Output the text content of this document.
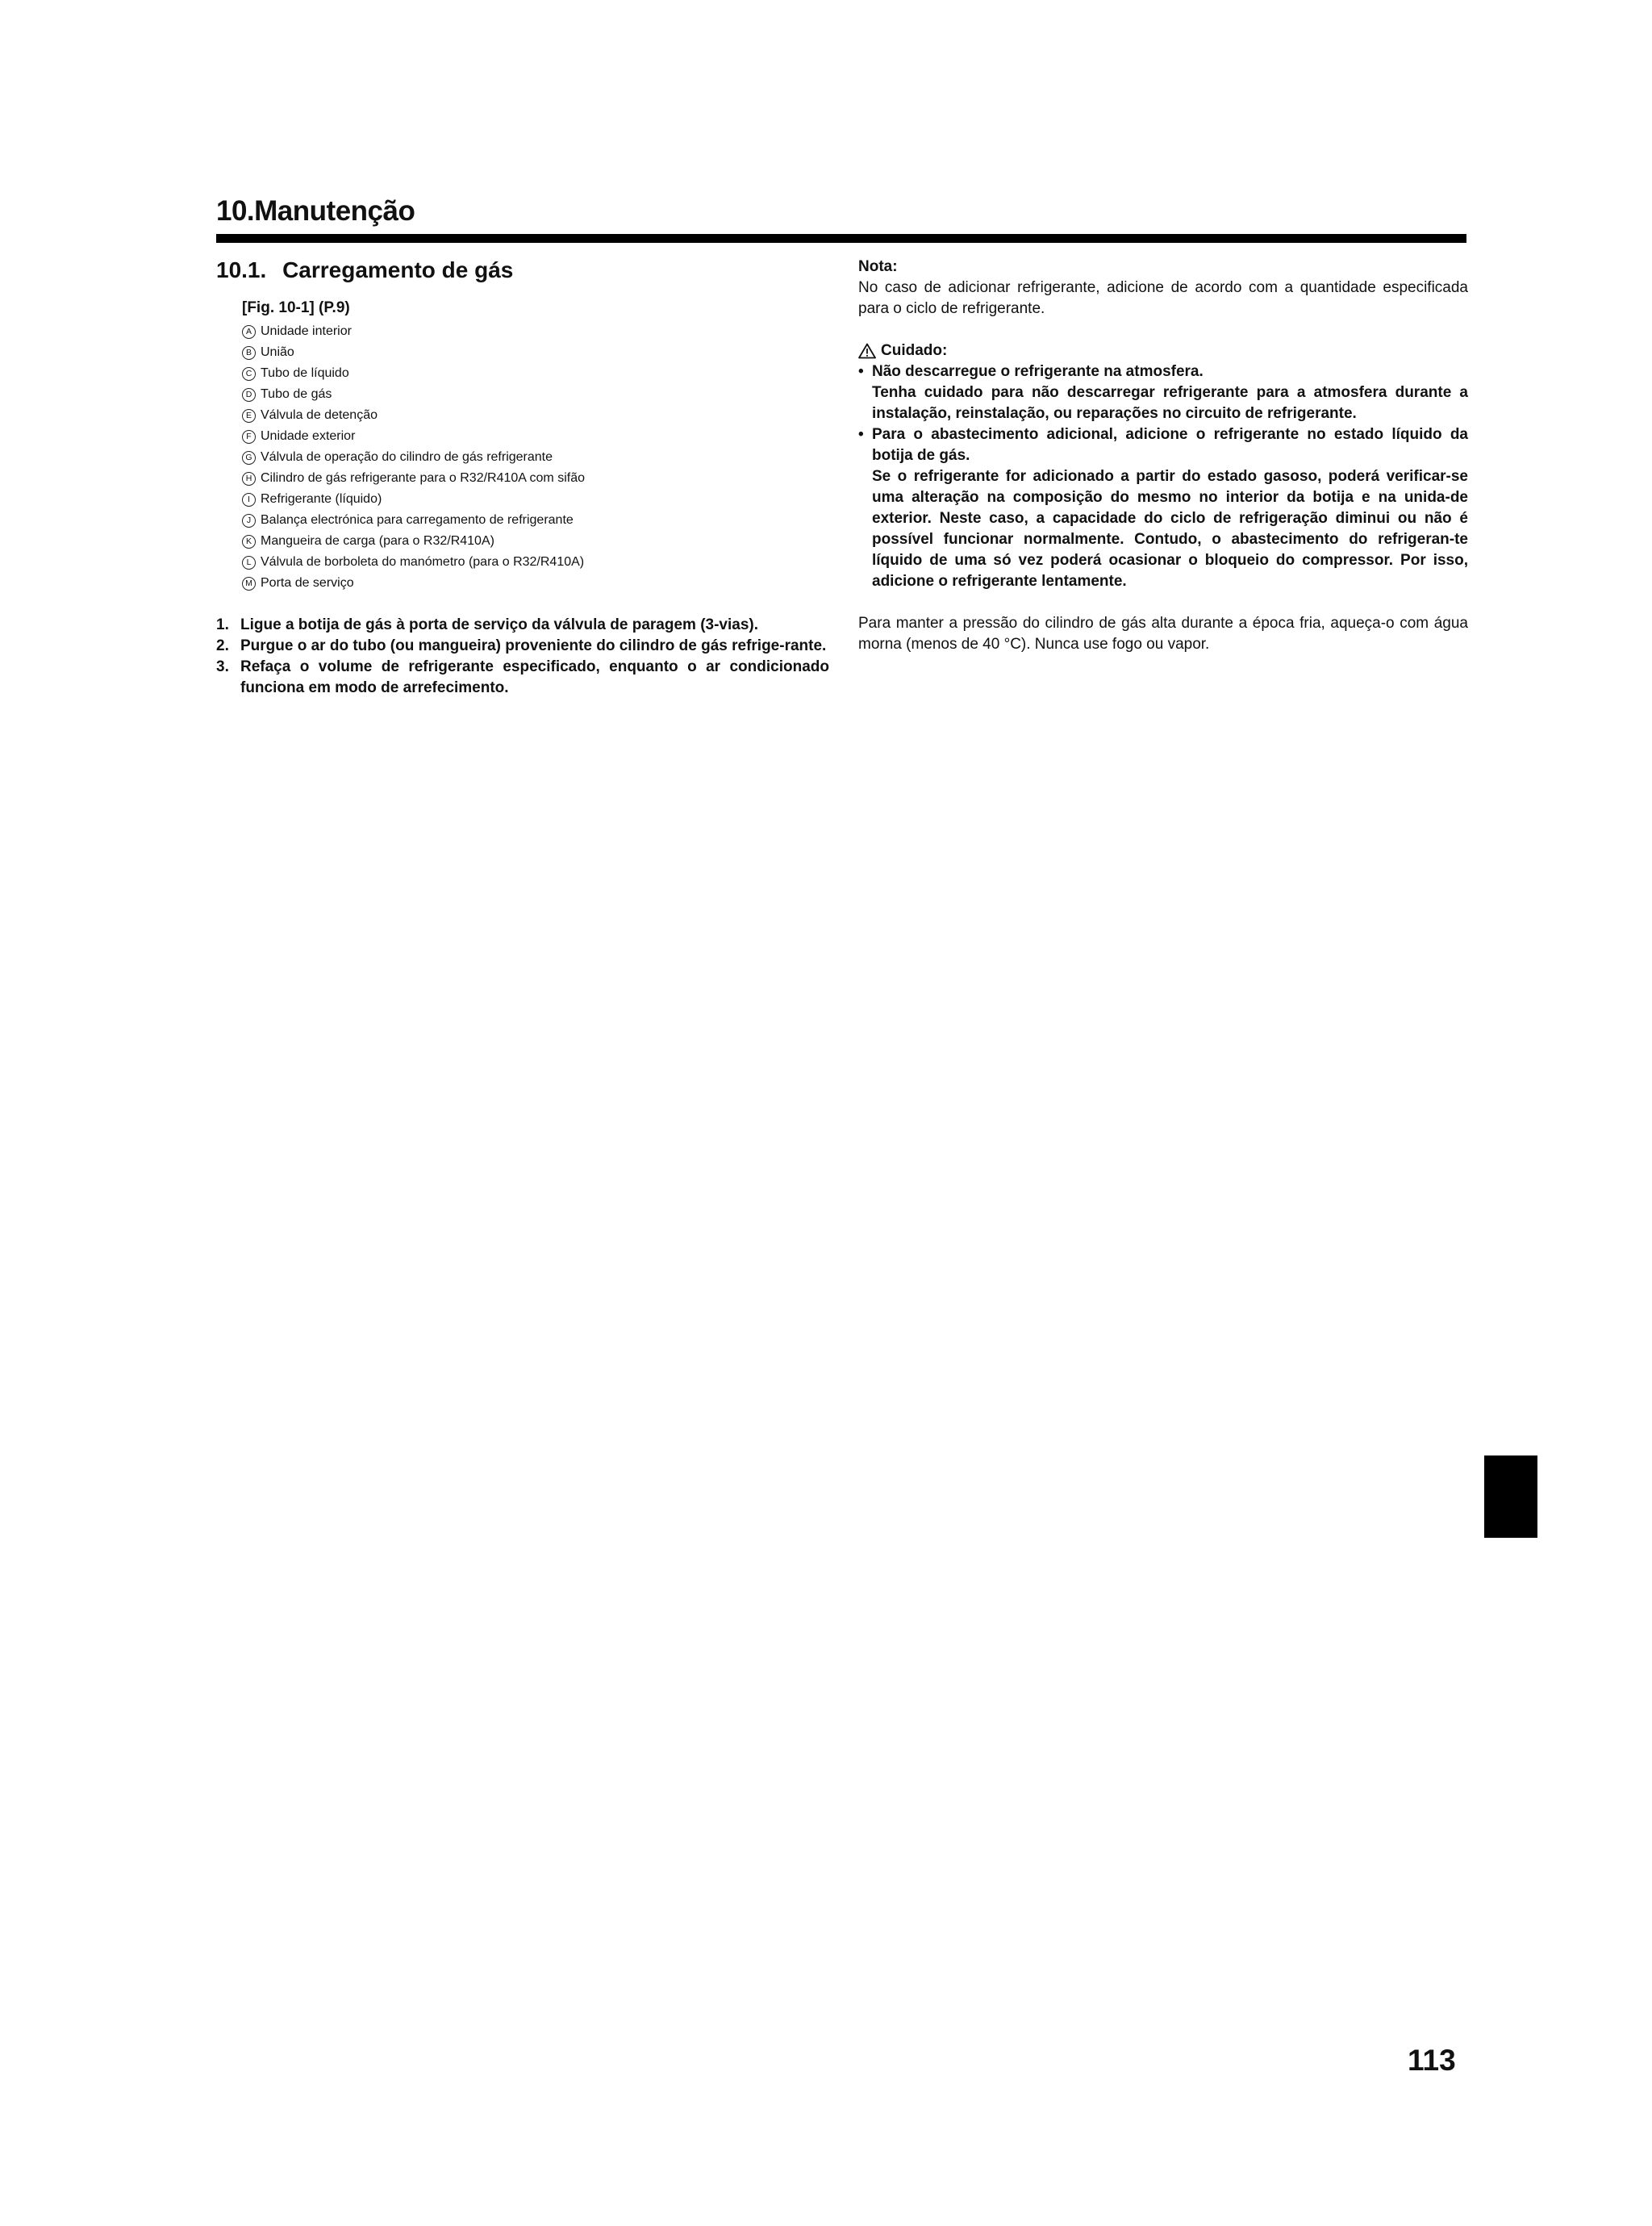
10.Manutenção
10.1. Carregamento de gás
[Fig. 10-1] (P.9)
A Unidade interior
B União
C Tubo de líquido
D Tubo de gás
E Válvula de detenção
F Unidade exterior
G Válvula de operação do cilindro de gás refrigerante
H Cilindro de gás refrigerante para o R32/R410A com sifão
I Refrigerante (líquido)
J Balança electrónica para carregamento de refrigerante
K Mangueira de carga (para o R32/R410A)
L Válvula de borboleta do manómetro (para o R32/R410A)
M Porta de serviço
1. Ligue a botija de gás à porta de serviço da válvula de paragem (3-vias).
2. Purgue o ar do tubo (ou mangueira) proveniente do cilindro de gás refrige-rante.
3. Refaça o volume de refrigerante especificado, enquanto o ar condicionado funciona em modo de arrefecimento.
Nota:
No caso de adicionar refrigerante, adicione de acordo com a quantidade especificada para o ciclo de refrigerante.
Cuidado:
• Não descarregue o refrigerante na atmosfera.
Tenha cuidado para não descarregar refrigerante para a atmosfera durante a instalação, reinstalação, ou reparações no circuito de refrigerante.
• Para o abastecimento adicional, adicione o refrigerante no estado líquido da botija de gás.
Se o refrigerante for adicionado a partir do estado gasoso, poderá verificar-se uma alteração na composição do mesmo no interior da botija e na unida-de exterior. Neste caso, a capacidade do ciclo de refrigeração diminui ou não é possível funcionar normalmente. Contudo, o abastecimento do refrigeran-te líquido de uma só vez poderá ocasionar o bloqueio do compressor. Por isso, adicione o refrigerante lentamente.
Para manter a pressão do cilindro de gás alta durante a época fria, aqueça-o com água morna (menos de 40 °C). Nunca use fogo ou vapor.
113
